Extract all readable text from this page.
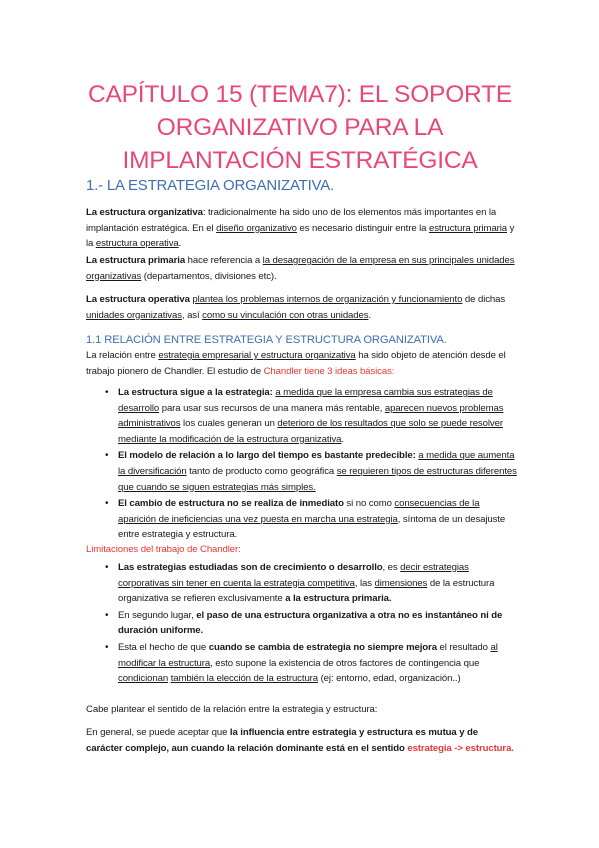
CAPÍTULO 15 (TEMA7): EL SOPORTE
ORGANIZATIVO PARA LA
IMPLANTACIÓN ESTRATÉGICA
1.- LA ESTRATEGIA ORGANIZATIVA.
La estructura organizativa: tradicionalmente ha sido uno de los elementos más importantes en la implantación estratégica. En el diseño organizativo es necesario distinguir entre la estructura primaria y la estructura operativa.
La estructura primaria hace referencia a la desagregación de la empresa en sus principales unidades organizativas (departamentos, divisiones etc).
La estructura operativa plantea los problemas internos de organización y funcionamiento de dichas unidades organizativas, así como su vinculación con otras unidades.
1.1 RELACIÓN ENTRE ESTRATEGIA Y ESTRUCTURA ORGANIZATIVA.
La relación entre estrategia empresarial y estructura organizativa ha sido objeto de atención desde el trabajo pionero de Chandler. El estudio de Chandler tiene 3 ideas básicas:
• La estructura sigue a la estrategia: a medida que la empresa cambia sus estrategias de desarrollo para usar sus recursos de una manera más rentable, aparecen nuevos problemas administrativos los cuales generan un deterioro de los resultados que solo se puede resolver mediante la modificación de la estructura organizativa.
• El modelo de relación a lo largo del tiempo es bastante predecible: a medida que aumenta la diversificación tanto de producto como geográfica se requieren tipos de estructuras diferentes que cuando se siguen estrategias más simples.
• El cambio de estructura no se realiza de inmediato si no como consecuencias de la aparición de ineficiencias una vez puesta en marcha una estrategia, síntoma de un desajuste entre estrategia y estructura.
Limitaciones del trabajo de Chandler:
• Las estrategias estudiadas son de crecimiento o desarrollo, es decir estrategias corporativas sin tener en cuenta la estrategia competitiva, las dimensiones de la estructura organizativa se refieren exclusivamente a la estructura primaria.
• En segundo lugar, el paso de una estructura organizativa a otra no es instantáneo ni de duración uniforme.
• Esta el hecho de que cuando se cambia de estrategia no siempre mejora el resultado al modificar la estructura, esto supone la existencia de otros factores de contingencia que condicionan también la elección de la estructura (ej: entorno, edad, organización..)
Cabe plantear el sentido de la relación entre la estrategia y estructura:
En general, se puede aceptar que la influencia entre estrategia y estructura es mutua y de carácter complejo, aun cuando la relación dominante está en el sentido estrategia -> estructura.
